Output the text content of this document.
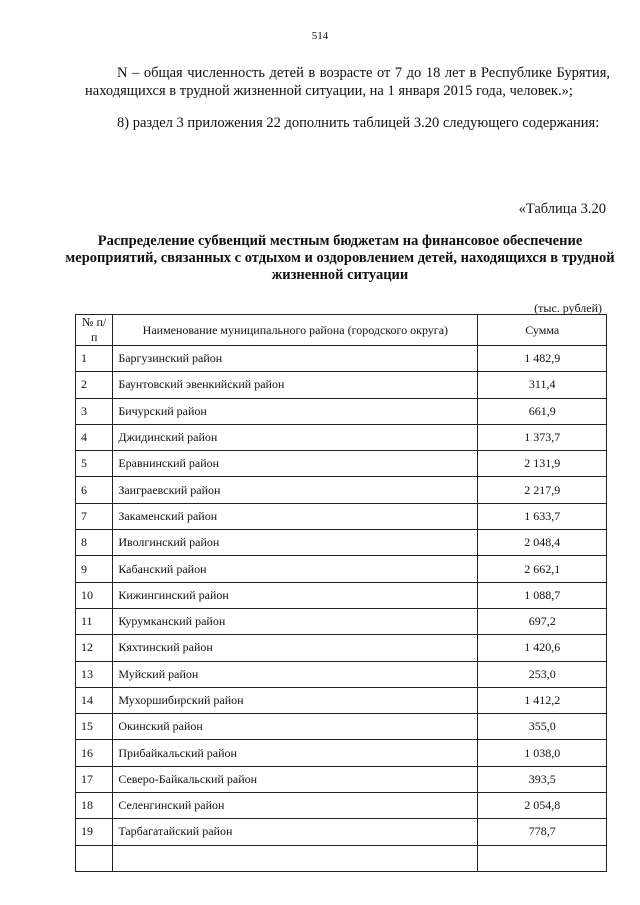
514
N – общая численность детей в возрасте от 7 до 18 лет в Республике Бурятия, находящихся в трудной жизненной ситуации, на 1 января 2015 года, человек.»;
8) раздел 3 приложения 22 дополнить таблицей 3.20 следующего содержания:
«Таблица 3.20
Распределение субвенций местным бюджетам на финансовое обеспечение мероприятий, связанных с отдыхом и оздоровлением детей, находящихся в трудной жизненной ситуации
(тыс. рублей)
№ п/п	Наименование муниципального района (городского округа)	Сумма
1	Баргузинский район	1 482,9
2	Баунтовский эвенкийский район	311,4
3	Бичурский район	661,9
4	Джидинский район	1 373,7
5	Еравнинский район	2 131,9
6	Заиграевский район	2 217,9
7	Закаменский район	1 633,7
8	Иволгинский район	2 048,4
9	Кабанский район	2 662,1
10	Кижингинский район	1 088,7
11	Курумканский район	697,2
12	Кяхтинский район	1 420,6
13	Муйский район	253,0
14	Мухоршибирский район	1 412,2
15	Окинский район	355,0
16	Прибайкальский район	1 038,0
17	Северо-Байкальский район	393,5
18	Селенгинский район	2 054,8
19	Тарбагатайский район	778,7
